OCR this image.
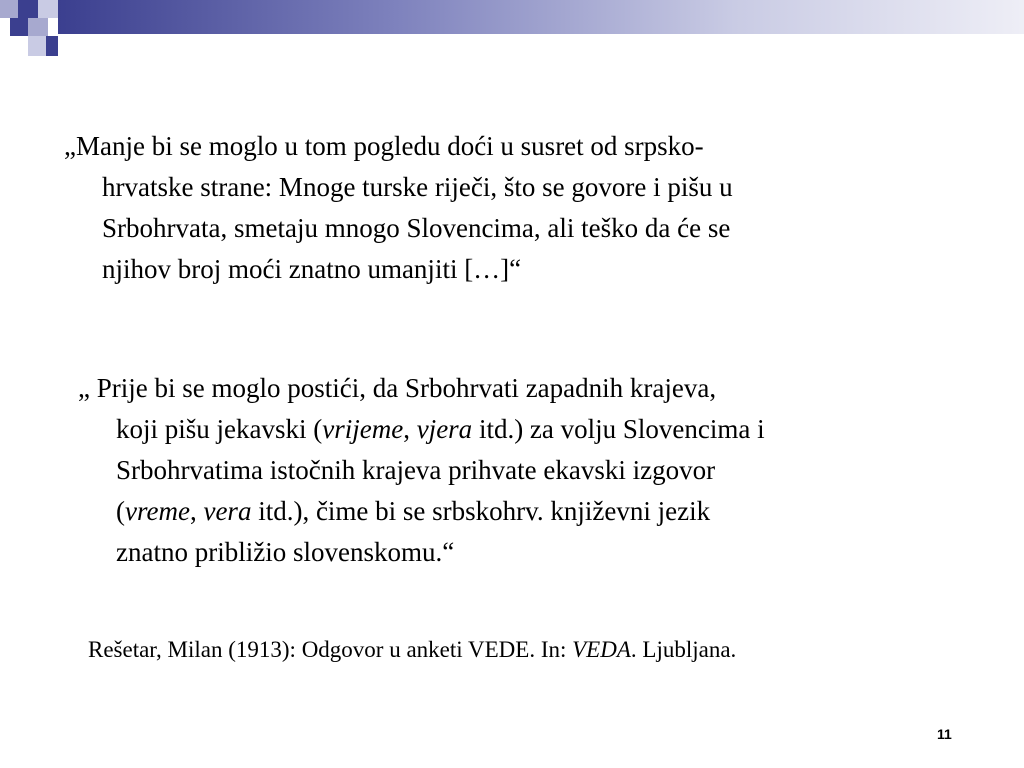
„Manje bi se moglo u tom pogledu doći u susret od srpsko-
hrvatske strane: Mnoge turske riječi, što se govore i pišu u
Srbohrvata, smetaju mnogo Slovencima, ali teško da će se
njihov broj moći znatno umanjiti […]“
„ Prije bi se moglo postići, da Srbohrvati zapadnih krajeva,
koji pišu jekavski (vrijeme, vjera itd.) za volju Slovencima i
Srbohrvatima istočnih krajeva prihvate ekavski izgovor
(vreme, vera itd.), čime bi se srbskohrv. književni jezik
znatno približio slovenskomu.“
Rešetar, Milan (1913): Odgovor u anketi VEDE. In: VEDA. Ljubljana.
11
